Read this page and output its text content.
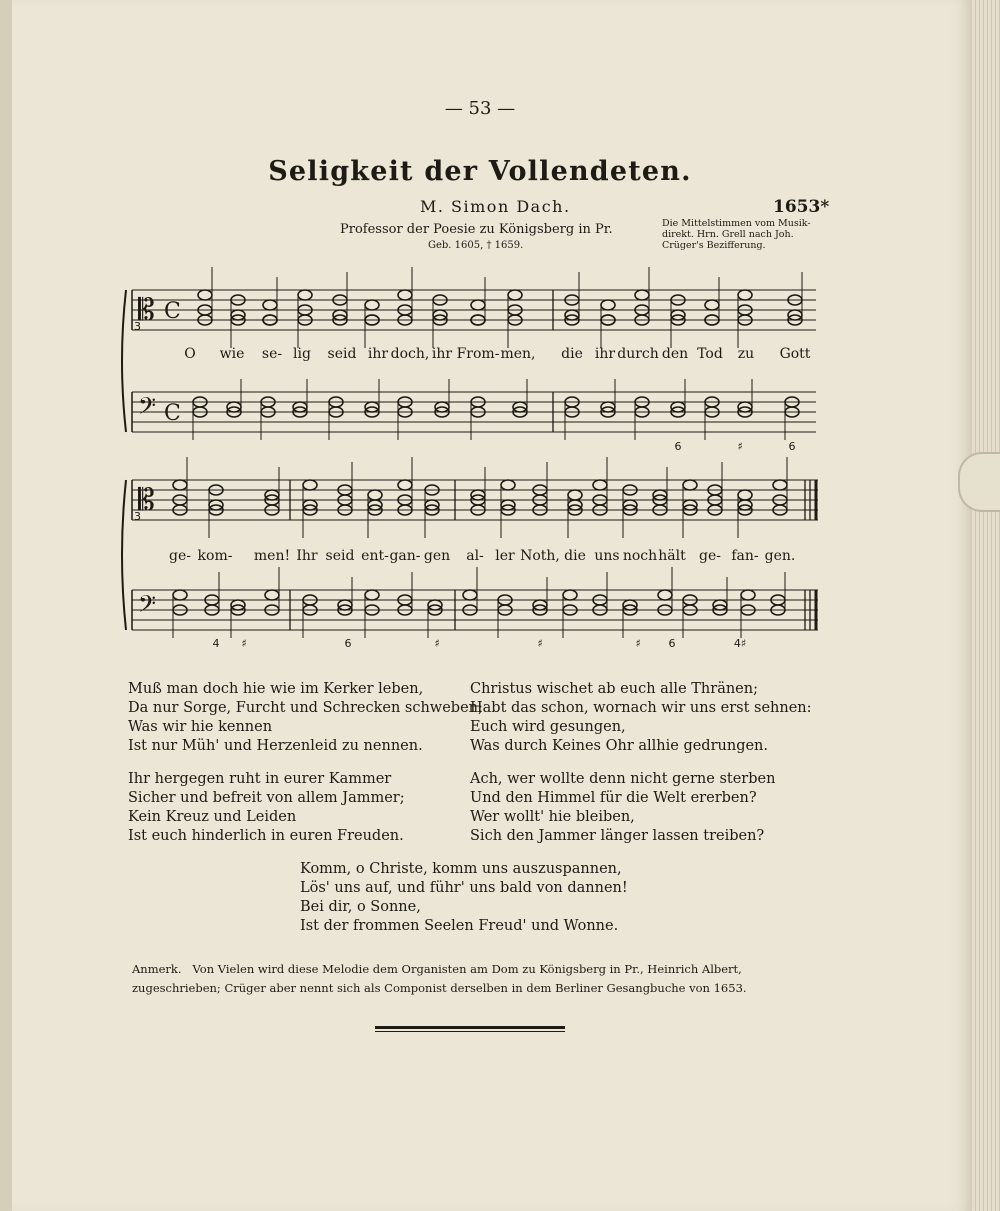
— 53 —
Seligkeit der Vollendeten.
M. Simon Dach.	1653*
Professor der Poesie zu Königsberg in Pr.
Geb. 1605, † 1659.
Die Mittelstimmen vom Musik-direkt. Hrn. Grell nach Joh. Crüger's Bezifferung.
𝄡 C
𝄢 C
3
𝄡
𝄢
3
O wie se- lig seid ihr doch, ihr From- men, die ihr durch den Tod zu Gott
ge- kom- men! Ihr seid ent- gan- gen al- ler Noth, die uns noch hält ge- fan- gen.
6	♯	6
4 ♯	6	♯	♯	♯	6	4♯
Muß man doch hie wie im Kerker leben,
Da nur Sorge, Furcht und Schrecken schweben;
Was wir hie kennen
Ist nur Müh' und Herzenleid zu nennen.
Christus wischet ab euch alle Thränen;
Habt das schon, wornach wir uns erst sehnen:
Euch wird gesungen,
Was durch Keines Ohr allhie gedrungen.
Ihr hergegen ruht in eurer Kammer
Sicher und befreit von allem Jammer;
Kein Kreuz und Leiden
Ist euch hinderlich in euren Freuden.
Ach, wer wollte denn nicht gerne sterben
Und den Himmel für die Welt ererben?
Wer wollt' hie bleiben,
Sich den Jammer länger lassen treiben?
Komm, o Christe, komm uns auszuspannen,
Lös' uns auf, und führ' uns bald von dannen!
Bei dir, o Sonne,
Ist der frommen Seelen Freud' und Wonne.
Anmerk. Von Vielen wird diese Melodie dem Organisten am Dom zu Königsberg in Pr., Heinrich Albert, zugeschrieben; Crüger aber nennt sich als Componist derselben in dem Berliner Gesangbuche von 1653.
